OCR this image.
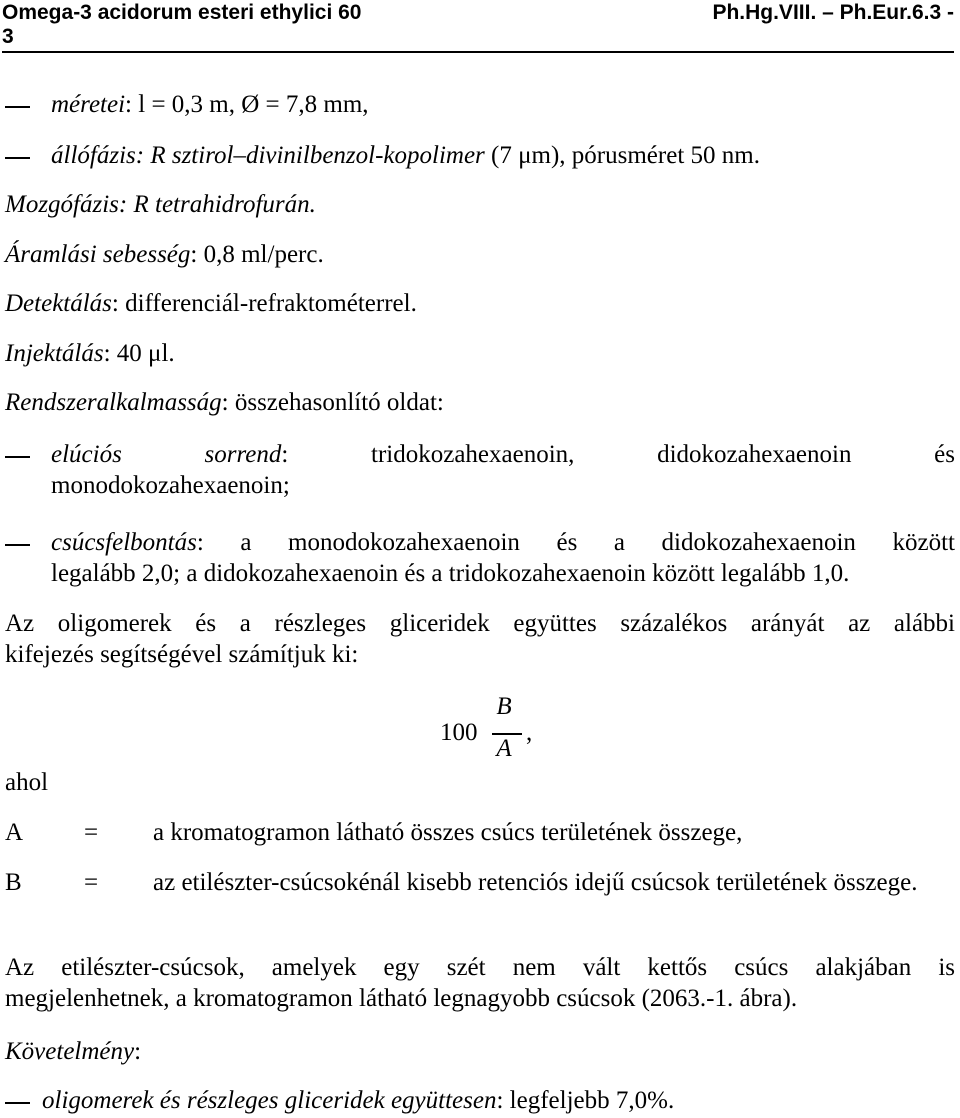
Omega-3 acidorum esteri ethylici 60	Ph.Hg.VIII. – Ph.Eur.6.3 -
3
méretei: l = 0,3 m, Ø = 7,8 mm,
állófázis: R sztirol–divinilbenzol-kopolimer (7 μm), pórusméret 50 nm.
Mozgófázis: R tetrahidrofurán.
Áramlási sebesség: 0,8 ml/perc.
Detektálás: differenciál-refraktométerrel.
Injektálás: 40 μl.
Rendszeralkalmasság: összehasonlító oldat:
elúciós sorrend: tridokozahexaenoin, didokozahexaenoin és
monodokozahexaenoin;
csúcsfelbontás: a monodokozahexaenoin és a didokozahexaenoin között
legalább 2,0; a didokozahexaenoin és a tridokozahexaenoin között legalább 1,0.
Az oligomerek és a részleges gliceridek együttes százalékos arányát az alábbi
kifejezés segítségével számítjuk ki:
100
B
A
,
ahol
A = a kromatogramon látható összes csúcs területének összege,
B = az etilészter-csúcsokénál kisebb retenciós idejű csúcsok területének összege.
Az etilészter-csúcsok, amelyek egy szét nem vált kettős csúcs alakjában is
megjelenhetnek, a kromatogramon látható legnagyobb csúcsok (2063.-1. ábra).
Követelmény:
oligomerek és részleges gliceridek együttesen: legfeljebb 7,0%.
